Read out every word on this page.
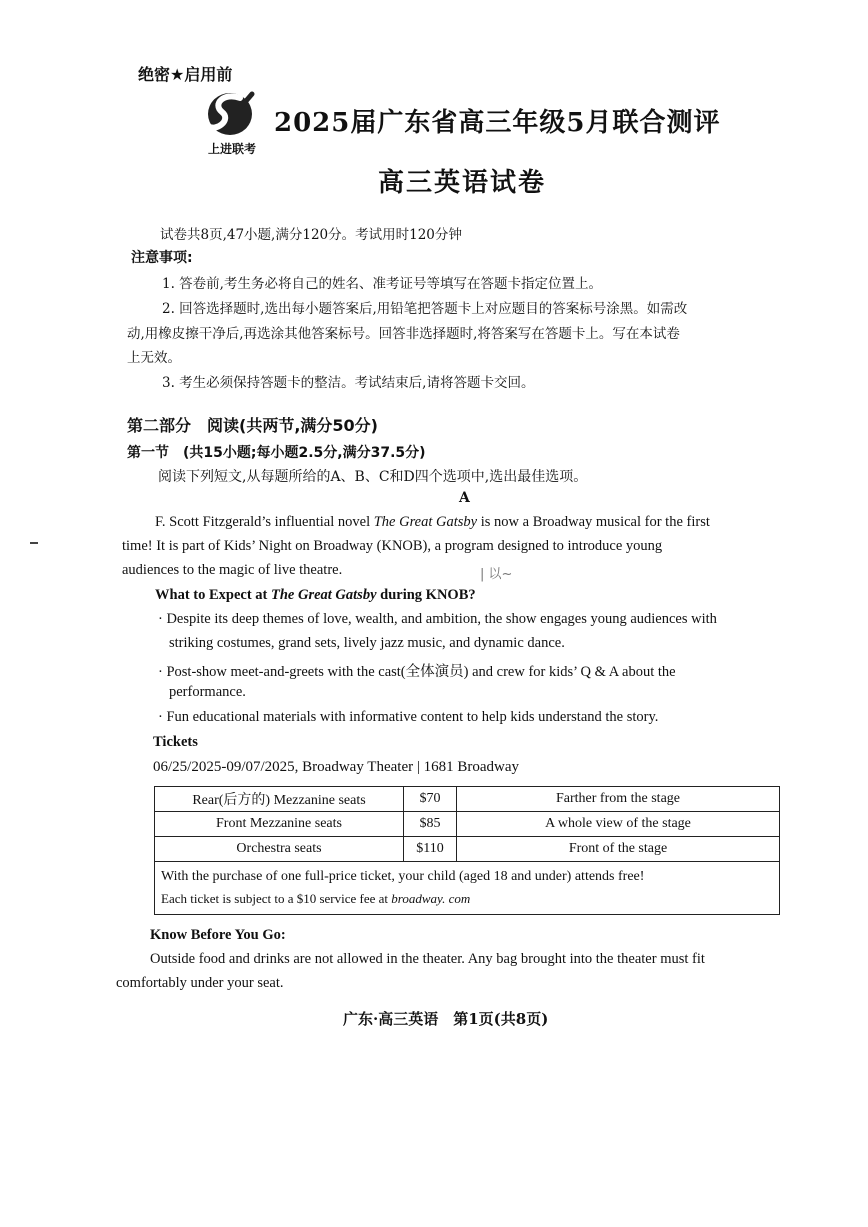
绝密★启用前
上进联考
2025届广东省高三年级5月联合测评
高三英语试卷
试卷共8页,47小题,满分120分。考试用时120分钟
注意事项:
1. 答卷前,考生务必将自己的姓名、准考证号等填写在答题卡指定位置上。
2. 回答选择题时,选出每小题答案后,用铅笔把答题卡上对应题目的答案标号涂黑。如需改
动,用橡皮擦干净后,再选涂其他答案标号。回答非选择题时,将答案写在答题卡上。写在本试卷
上无效。
3. 考生必须保持答题卡的整洁。考试结束后,请将答题卡交回。
第二部分　阅读(共两节,满分50分)
第一节　(共15小题;每小题2.5分,满分37.5分)
阅读下列短文,从每题所给的A、B、C和D四个选项中,选出最佳选项。
A
F. Scott Fitzgerald’s influential novel The Great Gatsby is now a Broadway musical for the first
time! It is part of Kids’ Night on Broadway (KNOB), a program designed to introduce young
audiences to the magic of live theatre.	| 以~
What to Expect at The Great Gatsby during KNOB?
· Despite its deep themes of love, wealth, and ambition, the show engages young audiences with
striking costumes, grand sets, lively jazz music, and dynamic dance.
· Post-show meet-and-greets with the cast(全体演员) and crew for kids’ Q & A about the
performance.
· Fun educational materials with informative content to help kids understand the story.
Tickets
06/25/2025-09/07/2025, Broadway Theater | 1681 Broadway
Rear(后方的) Mezzanine seats	$70	Farther from the stage
Front Mezzanine seats	$85	A whole view of the stage
Orchestra seats	$110	Front of the stage

With the purchase of one full-price ticket, your child (aged 18 and under) attends free!
Each ticket is subject to a $10 service fee at broadway. com		
Know Before You Go:
Outside food and drinks are not allowed in the theater. Any bag brought into the theater must fit
comfortably under your seat.
广东·高三英语　第1页(共8页)
